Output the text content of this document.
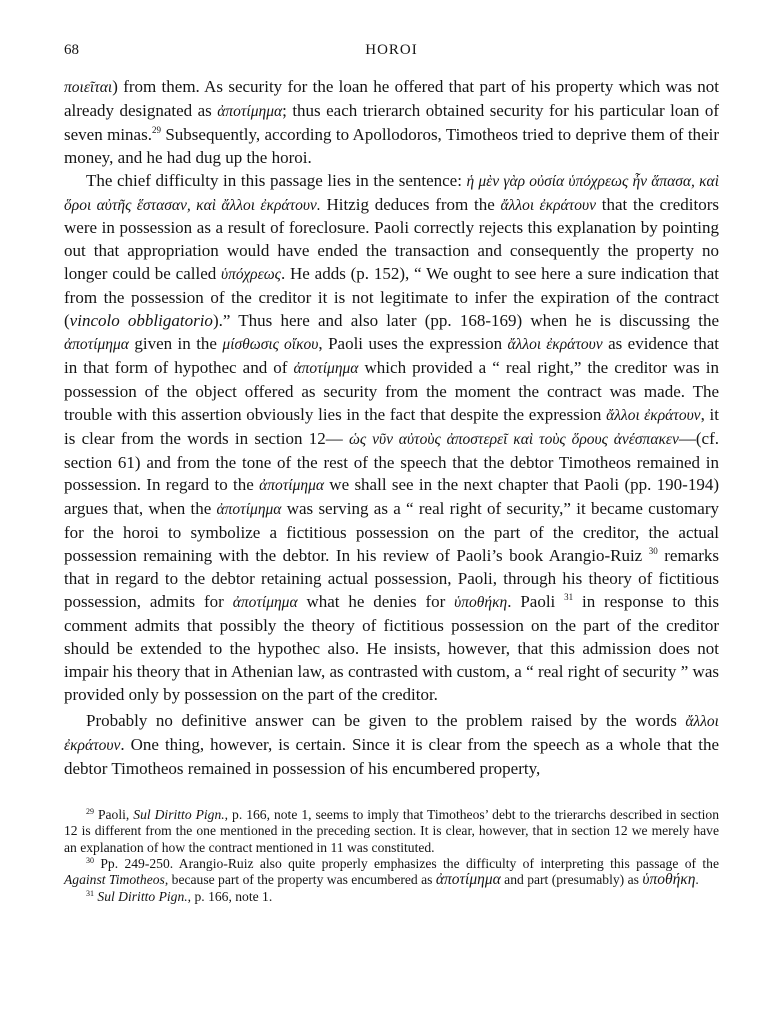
68	HOROI

ποιεῖται) from them. As security for the loan he offered that part of his property which was not already designated as ἀποτίμημα; thus each trierarch obtained security for his particular loan of seven minas.$^{29}$ Subsequently, according to Apollodoros, Timotheos tried to deprive them of their money, and he had dug up the horoi.

The chief difficulty in this passage lies in the sentence: ἡ μὲν γὰρ οὐσία ὑπόχρεως ἦν ἅπασα, καὶ ὅροι αὐτῆς ἕστασαν, καὶ ἄλλοι ἐκράτουν. Hitzig deduces from the ἄλλοι ἐκράτουν that the creditors were in possession as a result of foreclosure. Paoli correctly rejects this explanation by pointing out that appropriation would have ended the transaction and consequently the property no longer could be called ὑπόχρεως. He adds (p. 152), “ We ought to see here a sure indication that from the possession of the creditor it is not legitimate to infer the expiration of the contract (vincolo obbligatorio).” Thus here and also later (pp. 168-169) when he is discussing the ἀποτίμημα given in the μίσθωσις οἴκου, Paoli uses the expression ἄλλοι ἐκράτουν as evidence that in that form of hypothec and of ἀποτίμημα which provided a “ real right,” the creditor was in possession of the object offered as security from the moment the contract was made. The trouble with this assertion obviously lies in the fact that despite the expression ἄλλοι ἐκράτουν, it is clear from the words in section 12— ὡς νῦν αὐτοὺς ἀποστερεῖ καὶ τοὺς ὅρους ἀνέσπακεν—(cf. section 61) and from the tone of the rest of the speech that the debtor Timotheos remained in possession. In regard to the ἀποτίμημα we shall see in the next chapter that Paoli (pp. 190-194) argues that, when the ἀποτίμημα was serving as a “ real right of security,” it became customary for the horoi to symbolize a fictitious possession on the part of the creditor, the actual possession remaining with the debtor. In his review of Paoli’s book Arangio-Ruiz $^{30}$ remarks that in regard to the debtor retaining actual possession, Paoli, through his theory of fictitious possession, admits for ἀποτίμημα what he denies for ὑποθήκη. Paoli $^{31}$ in response to this comment admits that possibly the theory of fictitious possession on the part of the creditor should be extended to the hypothec also. He insists, however, that this admission does not impair his theory that in Athenian law, as contrasted with custom, a “ real right of security ” was provided only by possession on the part of the creditor.

Probably no definitive answer can be given to the problem raised by the words ἄλλοι ἐκράτουν. One thing, however, is certain. Since it is clear from the speech as a whole that the debtor Timotheos remained in possession of his encumbered property,

$^{29}$ Paoli, Sul Diritto Pign., p. 166, note 1, seems to imply that Timotheos’ debt to the trierarchs described in section 12 is different from the one mentioned in the preceding section. It is clear, however, that in section 12 we merely have an explanation of how the contract mentioned in 11 was constituted.

$^{30}$ Pp. 249-250. Arangio-Ruiz also quite properly emphasizes the difficulty of interpreting this passage of the Against Timotheos, because part of the property was encumbered as ἀποτίμημα and part (presumably) as ὑποθήκη.

$^{31}$ Sul Diritto Pign., p. 166, note 1.
